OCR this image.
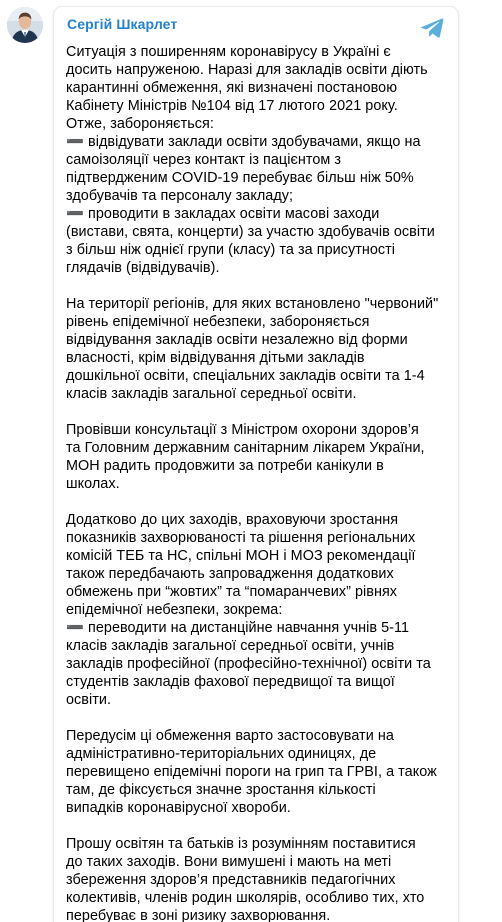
Сергій Шкарлет
Ситуація з поширенням коронавірусу в Україні є
досить напруженою. Наразі для закладів освіти діють
карантинні обмеження, які визначені постановою
Кабінету Міністрів №104 від 17 лютого 2021 року.
Отже, забороняється:
➖ відвідувати заклади освіти здобувачами, якщо на
самоізоляції через контакт із пацієнтом з
підтвердженим COVID-19 перебуває більш ніж 50%
здобувачів та персоналу закладу;
➖ проводити в закладах освіти масові заходи
(вистави, свята, концерти) за участю здобувачів освіти
з більш ніж однієї групи (класу) та за присутності
глядачів (відвідувачів).
На території регіонів, для яких встановлено "червоний"
рівень епідемічної небезпеки, забороняється
відвідування закладів освіти незалежно від форми
власності, крім відвідування дітьми закладів
дошкільної освіти, спеціальних закладів освіти та 1-4
класів закладів загальної середньої освіти.
Провівши консультації з Міністром охорони здоров’я
та Головним державним санітарним лікарем України,
МОН радить продовжити за потреби канікули в
школах.
Додатково до цих заходів, враховуючи зростання
показників захворюваності та рішення регіональних
комісій ТЕБ та НС, спільні МОН і МОЗ рекомендації
також передбачають запровадження додаткових
обмежень при “жовтих” та “помаранчевих” рівнях
епідемічної небезпеки, зокрема:
➖ переводити на дистанційне навчання учнів 5-11
класів закладів загальної середньої освіти, учнів
закладів професійної (професійно-технічної) освіти та
студентів закладів фахової передвищої та вищої
освіти.
Передусім ці обмеження варто застосовувати на
адміністративно-територіальних одиницях, де
перевищено епідемічні пороги на грип та ГРВІ, а також
там, де фіксується значне зростання кількості
випадків коронавірусної хвороби.
Прошу освітян та батьків із розумінням поставитися
до таких заходів. Вони вимушені і мають на меті
збереження здоров’я представників педагогічних
колективів, членів родин школярів, особливо тих, хто
перебуває в зоні ризику захворювання.
